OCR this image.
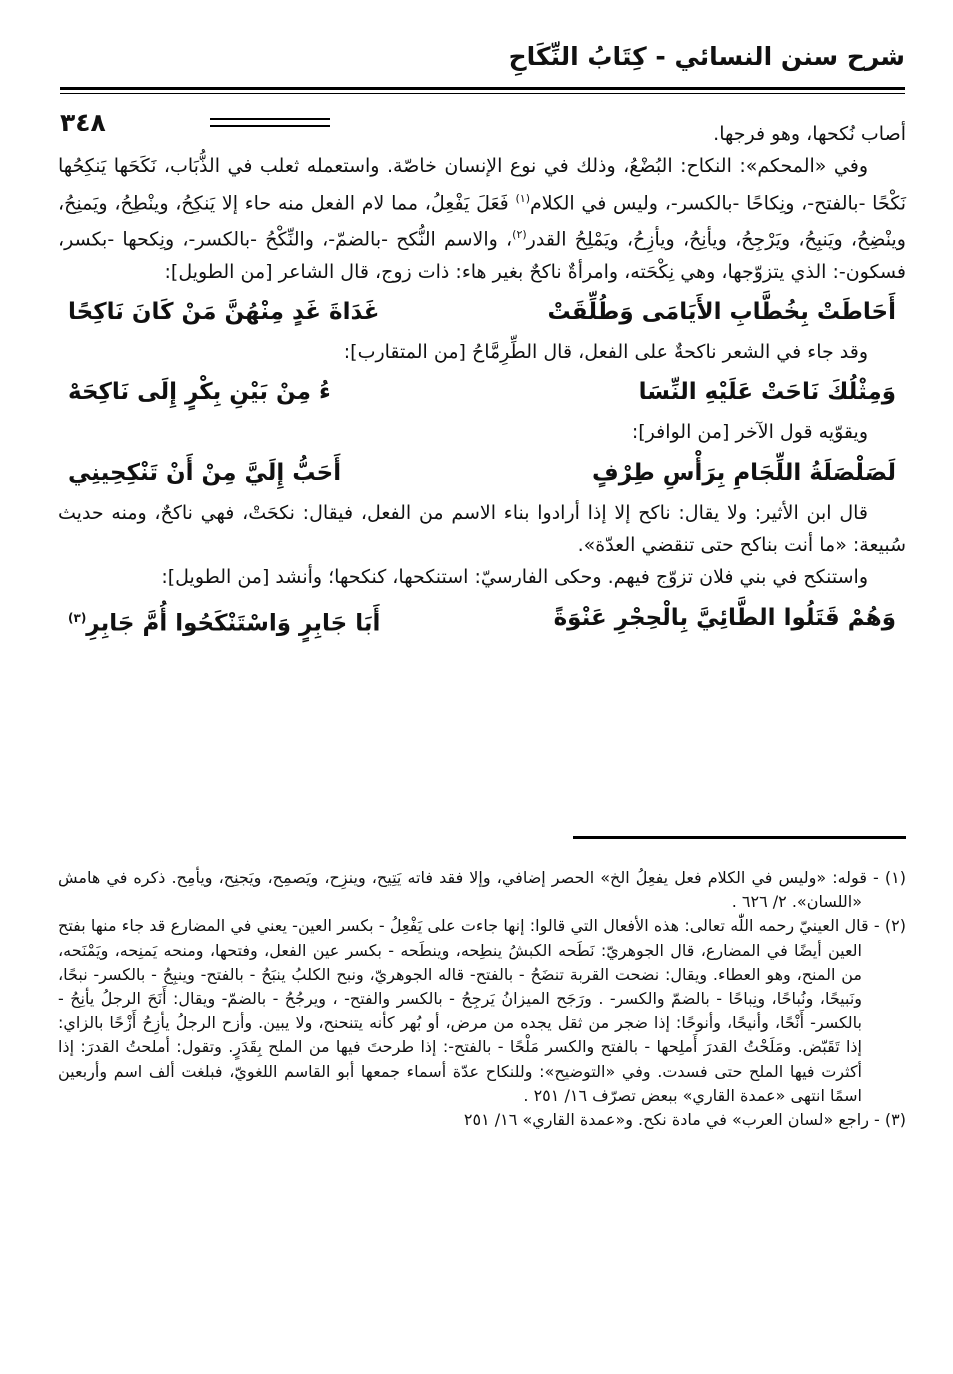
شرح سنن النسائي - كِتَابُ النِّكَاحِ
٣٤٨	أصاب نُكحها، وهو فرجها.

وفي «المحكم»: النكاح: البُضْعُ، وذلك في نوع الإنسان خاصّة. واستعمله ثعلب في الذُّبَاب، نَكَحَها يَنكِحُها نَكْحًا -بالفتح-، ونِكاحًا -بالكسر-، وليس في الكلام$^{(١)}$ فَعَلَ يَفْعِلُ، مما لام الفعل منه حاء إلا يَنكِحُ، وينْطِحُ، ويَمنِحُ، وينْضِحُ، ويَنبِحُ، ويَرْجِحُ، ويأنِحُ، ويأزِحُ، ويَمْلِحُ القدر$^{(٢)}$، والاسم النُّكح -بالضمّ-، والنِّكْحُ -بالكسر-، ونِكحها -بكسر، فسكون-: الذي يتزوّجها، وهي نِكْحَته، وامرأةٌ ناكحٌ بغير هاء: ذات زوج، قال الشاعر [من الطويل]:

أَحَاطَتْ بِخُطَّابِ الأَيَامَى وَطُلِّقَتْ
غَدَاةَ غَدٍ مِنْهُنَّ مَنْ كَانَ نَاكِحًا

وقد جاء في الشعر ناكحةٌ على الفعل، قال الطِّرِمَّاحُ [من المتقارب]:

وَمِثْلُكَ نَاحَتْ عَلَيْهِ النِّسَا
ءُ مِنْ بَيْنِ بِكْرٍ إِلَى نَاكِحَهْ

ويقوّيه قول الآخر [من الوافر]:

لَصَلْصَلَةُ اللِّجَامِ بِرَأْسِ طِرْفٍ
أَحَبُّ إِلَيَّ مِنْ أَنْ تَنْكِحِينِي

قال ابن الأثير: ولا يقال: ناكح إلا إذا أرادوا بناء الاسم من الفعل، فيقال: نكحَتْ، فهي ناكحٌ، ومنه حديث سُبيعة: «ما أنت بناكح حتى تنقضي العدّة».

واستنكح في بني فلان تزوّج فيهم. وحكى الفارسيّ: استنكحها، كنكحها؛ وأنشد [من الطويل]:

وَهُمْ قَتَلُوا الطَّائِيَّ بِالْحِجْرِ عَنْوَةً
أَبَا جَابِرٍ وَاسْتَنْكَحُوا أُمَّ جَابِرِ$^{(٣)}$

(١) - قوله: «وليس في الكلام فعل يفعِلُ الخ» الحصر إضافي، وإلا فقد فاته يَتِيح، وينزِح، ويَصمِح، ويَجنِح، ويأمِح. ذكره في هامش «اللسان». ٢/ ٦٢٦ .

(٢) - قال العينيّ رحمه اللّٰه تعالى: هذه الأفعال التي قالوا: إنها جاءت على يَفْعِلُ - بكسر العين- يعني في المضارع قد جاء منها بفتح العين أيضًا في المضارع، قال الجوهريّ: نَطَحه الكبشُ ينطِحه، وينطَحه - بكسر عين الفعل، وفتحها، ومنحه يَمنِحه، ويَمْنَحه، من المنح، وهو العطاء. ويقال: نضحت القربة تنضَحُ - بالفتح- قاله الجوهريّ، ونبح الكلبُ ينبَحُ - بالفتح- وينبِحُ - بالكسر- نبحًا، ونَبيحًا، ونُباحًا، ونِباحًا - بالضمّ والكسر- . ورَجَح الميزانُ يَرجِحُ - بالكسر والفتح- ، ويرجُحُ - بالضمّ- ويقال: أَنَحَ الرجلُ يأنِحُ - بالكسر- أَنْحًا، وأنيحًا، وأنوحًا: إذا ضجر من ثقل يجده من مرض، أو بُهر كأنه يتنحنح، ولا يبين. وأزح الرجلُ يأزِحُ أَزْحًا بالزاي: إذا تَقَبّض. ومَلَحْتُ القدرَ أَملِحها - بالفتح والكسر مَلْحًا - بالفتح-: إذا طرحتَ فيها من الملح بِقَدَرٍ. وتقول: أملحتُ القدرَ: إذا أكثرت فيها الملح حتى فسدت. وفي «التوضيح»: وللنكاح عدّة أسماء جمعها أبو القاسم اللغويّ، فبلغت ألف اسم وأربعين اسمًا انتهى «عمدة القاري» ببعض تصرّف ١٦/ ٢٥١ .

(٣) - راجع «لسان العرب» في مادة نكح. و«عمدة القاري» ١٦/ ٢٥١
